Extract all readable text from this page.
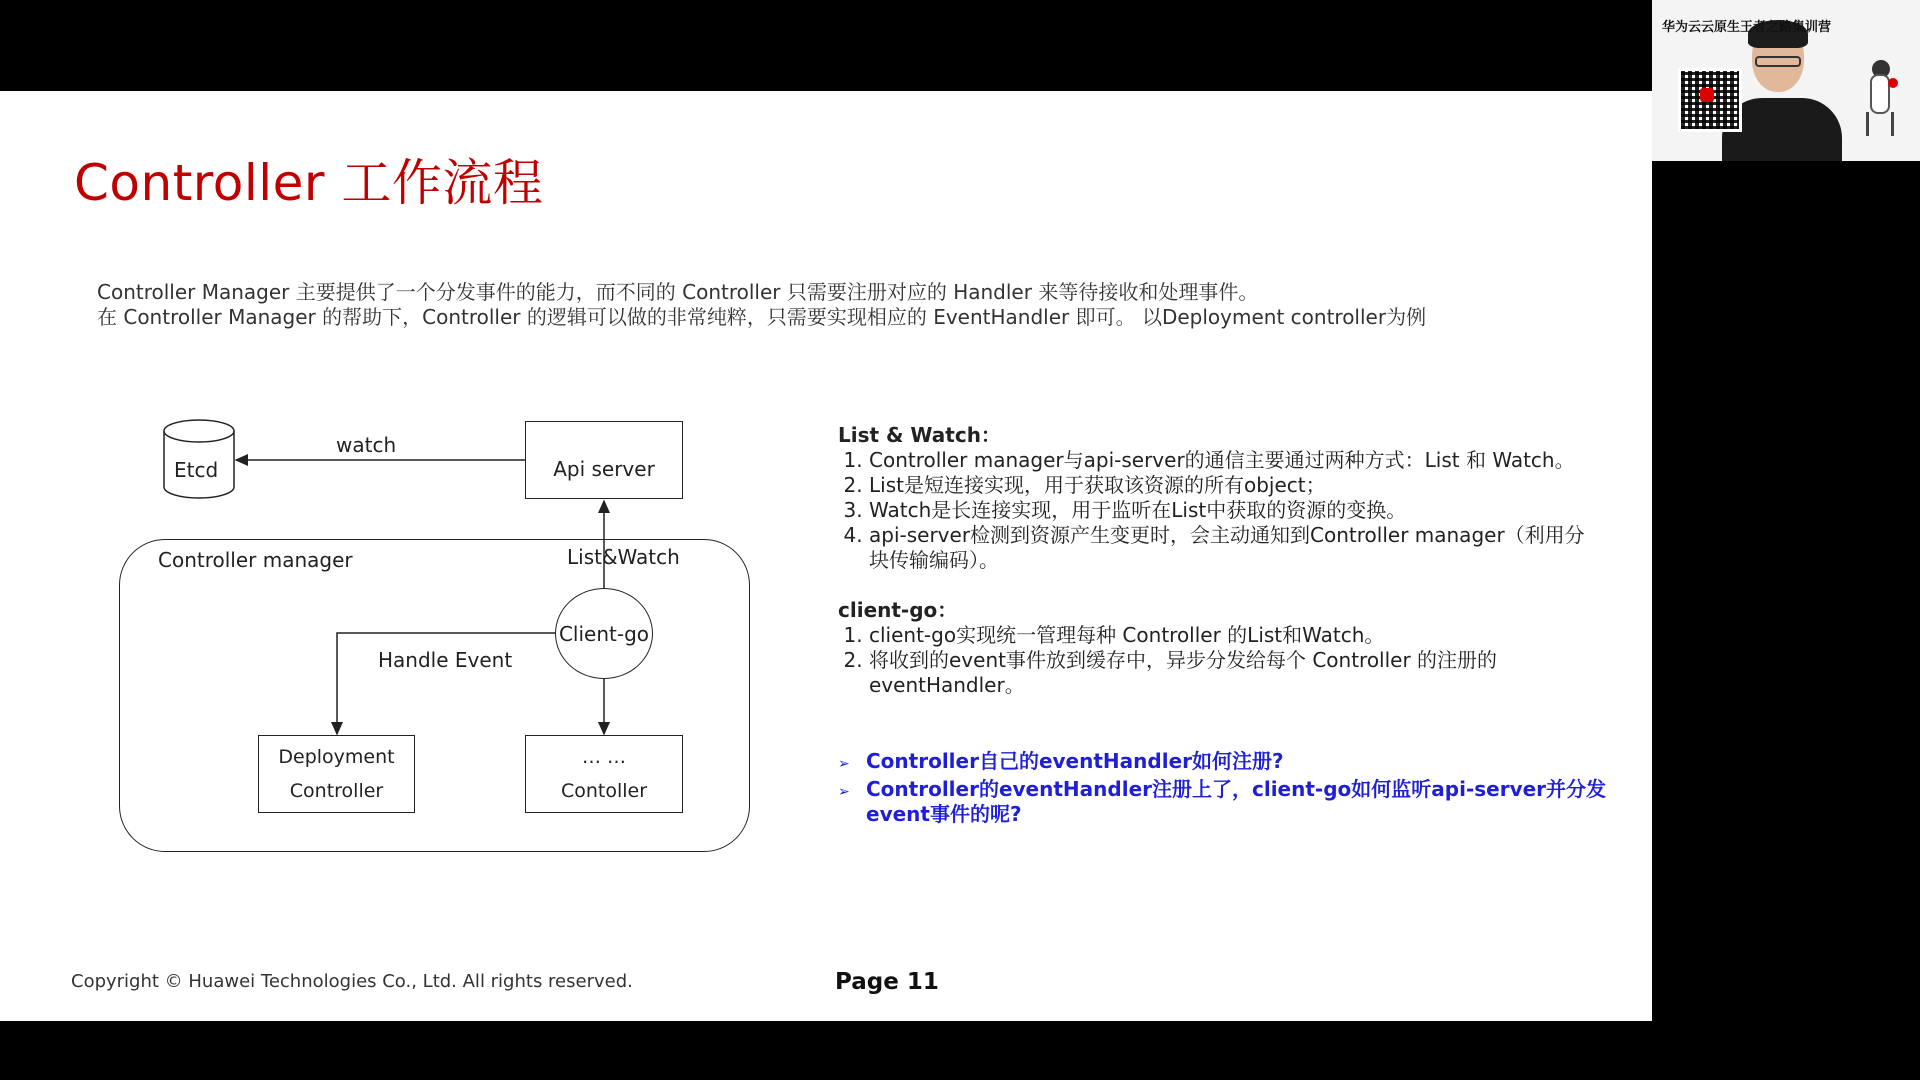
Controller 工作流程
Controller Manager 主要提供了一个分发事件的能力，而不同的 Controller 只需要注册对应的 Handler 来等待接收和处理事件。
在 Controller Manager 的帮助下，Controller 的逻辑可以做的非常纯粹，只需要实现相应的 EventHandler 即可。 以Deployment controller为例
Etcd
watch
Api server
Controller manager	List&Watch
Client-go
Handle Event
Deployment
Controller
… …
Contoller
List & Watch：
1. Controller manager与api-server的通信主要通过两种方式：List 和 Watch。
2. List是短连接实现，用于获取该资源的所有object；
3. Watch是长连接实现，用于监听在List中获取的资源的变换。
4. api-server检测到资源产生变更时，会主动通知到Controller manager（利用分块传输编码）。
client-go：
1. client-go实现统一管理每种 Controller 的List和Watch。
2. 将收到的event事件放到缓存中，异步分发给每个 Controller 的注册的eventHandler。
➢ Controller自己的eventHandler如何注册?
➢ Controller的eventHandler注册上了，client-go如何监听api-server并分发event事件的呢?
Copyright © Huawei Technologies Co., Ltd. All rights reserved.	Page 11
华为云云原生王者之路集训营
